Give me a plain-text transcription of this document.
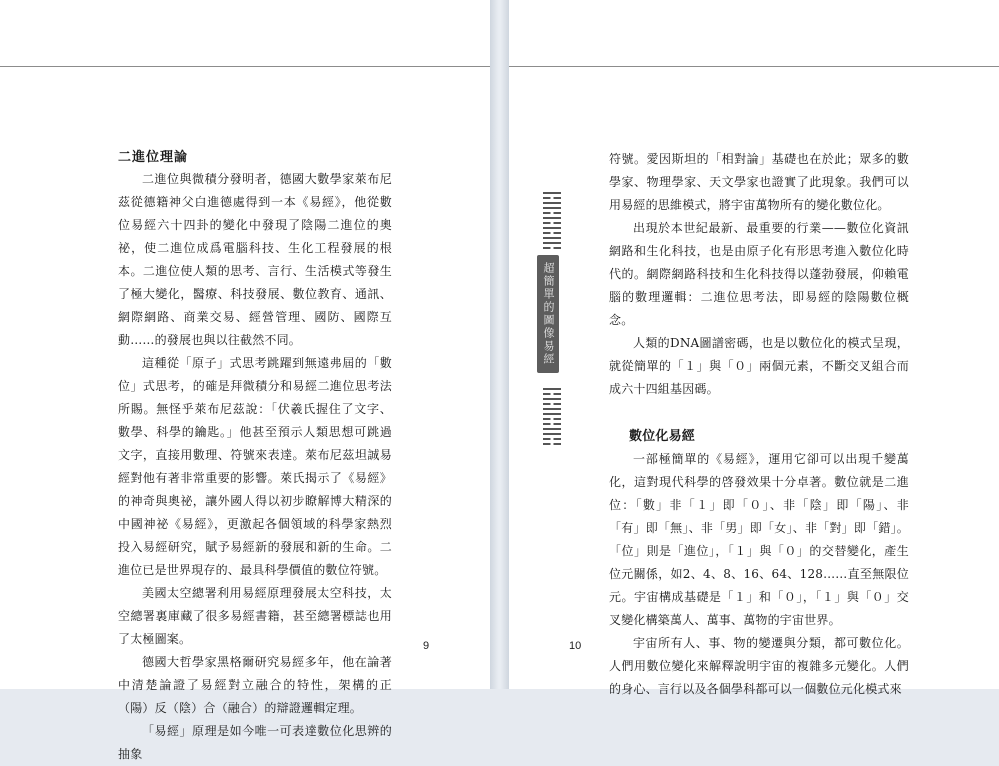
二進位理論

二進位與微積分發明者，德國大數學家萊布尼茲從德籍神父白進德處得到一本《易經》，他從數位易經六十四卦的變化中發現了陰陽二進位的奧祕，使二進位成爲電腦科技、生化工程發展的根本。二進位使人類的思考、言行、生活模式等發生了極大變化，醫療、科技發展、數位教育、通訊、網際網路、商業交易、經營管理、國防、國際互動……的發展也與以往截然不同。

這種從「原子」式思考跳躍到無遠弗屆的「數位」式思考，的確是拜微積分和易經二進位思考法所賜。無怪乎萊布尼茲說：「伏羲氏握住了文字、數學、科學的鑰匙。」他甚至預示人類思想可跳過文字，直接用數理、符號來表達。萊布尼茲坦誠易經對他有著非常重要的影響。萊氏揭示了《易經》的神奇與奧祕，讓外國人得以初步瞭解博大精深的中國神祕《易經》，更激起各個領域的科學家熱烈投入易經研究，賦予易經新的發展和新的生命。二進位已是世界現存的、最具科學價值的數位符號。

美國太空總署利用易經原理發展太空科技，太空總署裏庫藏了很多易經書籍，甚至總署標誌也用了太極圖案。

德國大哲學家黑格爾研究易經多年，他在論著中清楚論證了易經對立融合的特性，架構的正（陽）反（陰）合（融合）的辯證邏輯定理。

「易經」原理是如今唯一可表達數位化思辨的抽象

9
超簡單的圖像易經

符號。愛因斯坦的「相對論」基礎也在於此；眾多的數學家、物理學家、天文學家也證實了此現象。我們可以用易經的思維模式，將宇宙萬物所有的變化數位化。

出現於本世紀最新、最重要的行業——數位化資訊網路和生化科技，也是由原子化有形思考進入數位化時代的。網際網路科技和生化科技得以蓬勃發展，仰賴電腦的數理邏輯：二進位思考法，即易經的陰陽數位概念。

人類的DNA圖譜密碼，也是以數位化的模式呈現，就從簡單的「１」與「０」兩個元素，不斷交叉組合而成六十四組基因碼。

數位化易經

一部極簡單的《易經》，運用它卻可以出現千變萬化，這對現代科學的啓發效果十分卓著。數位就是二進位：「數」非「１」即「０」、非「陰」即「陽」、非「有」即「無」、非「男」即「女」、非「對」即「錯」。「位」則是「進位」，「１」與「０」的交替變化，產生位元關係，如2、4、8、16、64、128……直至無限位元。宇宙構成基礎是「１」和「０」，「１」與「０」交叉變化構築萬人、萬事、萬物的宇宙世界。

宇宙所有人、事、物的變遷與分類，都可數位化。人們用數位變化來解釋說明宇宙的複雜多元變化。人們的身心、言行以及各個學科都可以一個數位元化模式來

10
